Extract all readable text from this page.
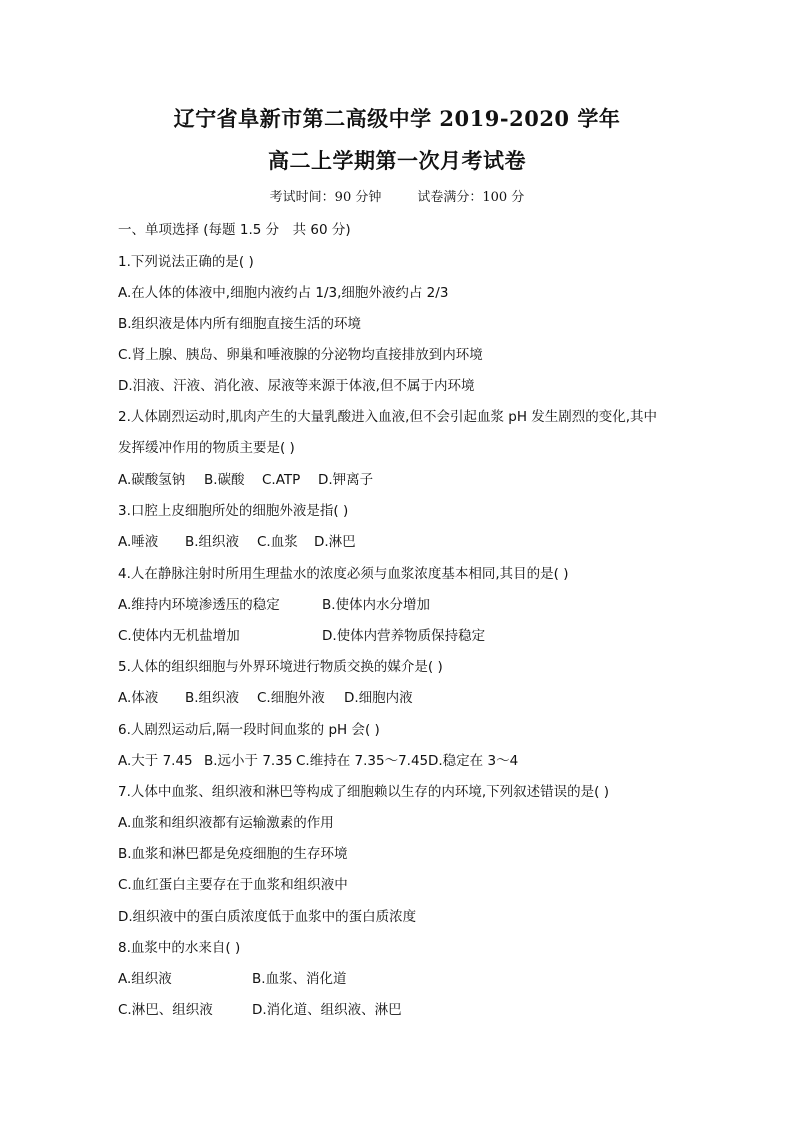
辽宁省阜新市第二高级中学 2019-2020 学年
高二上学期第一次月考试卷
考试时间：90 分钟	试卷满分：100 分
一、单项选择 (每题 1.5 分　共 60 分)
1.下列说法正确的是( )
A.在人体的体液中,细胞内液约占 1/3,细胞外液约占 2/3
B.组织液是体内所有细胞直接生活的环境
C.肾上腺、胰岛、卵巢和唾液腺的分泌物均直接排放到内环境
D.泪液、汗液、消化液、尿液等来源于体液,但不属于内环境
2.人体剧烈运动时,肌肉产生的大量乳酸进入血液,但不会引起血浆 pH 发生剧烈的变化,其中
发挥缓冲作用的物质主要是( )
A.碳酸氢钠 B.碳酸 C.ATP D.钾离子
3.口腔上皮细胞所处的细胞外液是指( )
A.唾液 B.组织液 C.血浆 D.淋巴
4.人在静脉注射时所用生理盐水的浓度必须与血浆浓度基本相同,其目的是( )
A.维持内环境渗透压的稳定	B.使体内水分增加
C.使体内无机盐增加	D.使体内营养物质保持稳定
5.人体的组织细胞与外界环境进行物质交换的媒介是( )
A.体液 B.组织液 C.细胞外液 D.细胞内液
6.人剧烈运动后,隔一段时间血浆的 pH 会( )
A.大于 7.45 B.远小于 7.35 C.维持在 7.35～7.45D.稳定在 3～4
7.人体中血浆、组织液和淋巴等构成了细胞赖以生存的内环境,下列叙述错误的是( )
A.血浆和组织液都有运输激素的作用
B.血浆和淋巴都是免疫细胞的生存环境
C.血红蛋白主要存在于血浆和组织液中
D.组织液中的蛋白质浓度低于血浆中的蛋白质浓度
8.血浆中的水来自( )
A.组织液	B.血浆、消化道
C.淋巴、组织液	D.消化道、组织液、淋巴
